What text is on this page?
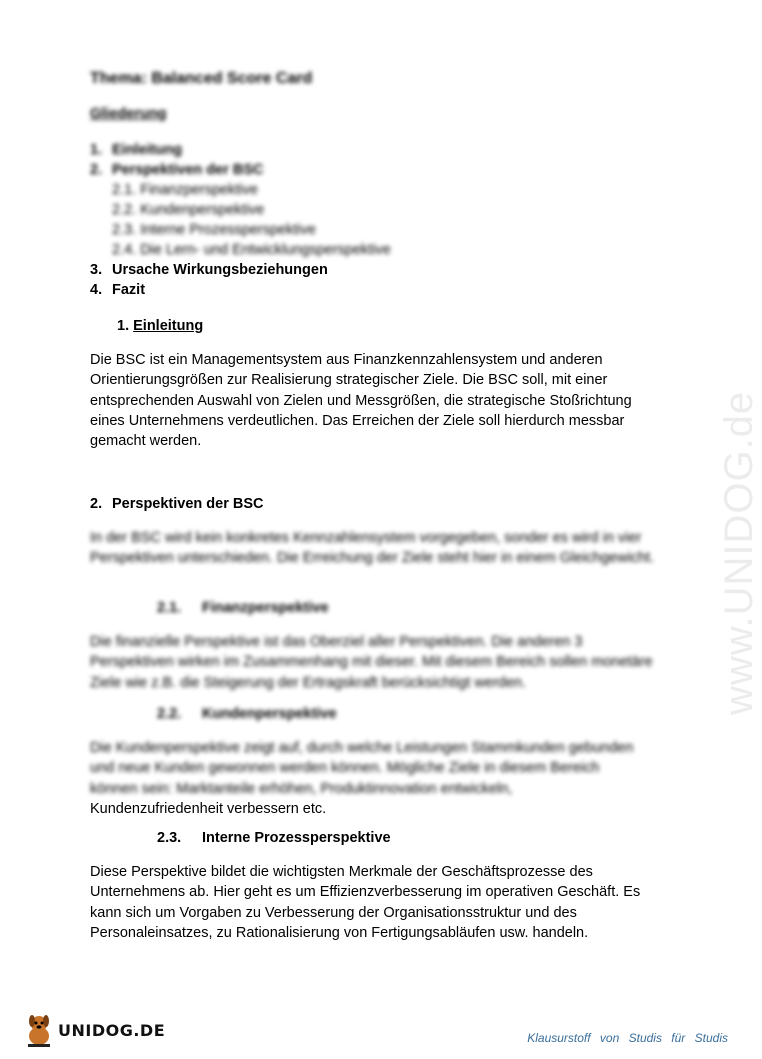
www.UNIDOG.de
Thema: Balanced Score Card
Gliederung
1. Einleitung
2. Perspektiven der BSC
2.1. Finanzperspektive
2.2. Kundenperspektive
2.3. Interne Prozessperspektive
2.4. Die Lern- und Entwicklungsperspektive
3. Ursache Wirkungsbeziehungen
4. Fazit
1. Einleitung
Die BSC ist ein Managementsystem aus Finanzkennzahlensystem und anderen Orientierungsgrößen zur Realisierung strategischer Ziele. Die BSC soll, mit einer entsprechenden Auswahl von Zielen und Messgrößen, die strategische Stoßrichtung eines Unternehmens verdeutlichen. Das Erreichen der Ziele soll hierdurch messbar gemacht werden.
2. Perspektiven der BSC
In der BSC wird kein konkretes Kennzahlensystem vorgegeben, sonder es wird in vier Perspektiven unterschieden. Die Erreichung der Ziele steht hier in einem Gleichgewicht.
2.1. Finanzperspektive
Die finanzielle Perspektive ist das Oberziel aller Perspektiven. Die anderen 3 Perspektiven wirken im Zusammenhang mit dieser. Mit diesem Bereich sollen monetäre Ziele wie z.B. die Steigerung der Ertragskraft berücksichtigt werden.
2.2. Kundenperspektive
Die Kundenperspektive zeigt auf, durch welche Leistungen Stammkunden gebunden
und neue Kunden gewonnen werden können. Mögliche Ziele in diesem Bereich
können sein: Marktanteile erhöhen, Produktinnovation entwickeln,
Kundenzufriedenheit verbessern etc.
2.3. Interne Prozessperspektive
Diese Perspektive bildet die wichtigsten Merkmale der Geschäftsprozesse des Unternehmens ab. Hier geht es um Effizienzverbesserung im operativen Geschäft. Es kann sich um Vorgaben zu Verbesserung der Organisationsstruktur und des Personaleinsatzes, zu Rationalisierung von Fertigungsabläufen usw. handeln.
UNIDOG.DE	Klausurstoff von Studis für Studis
